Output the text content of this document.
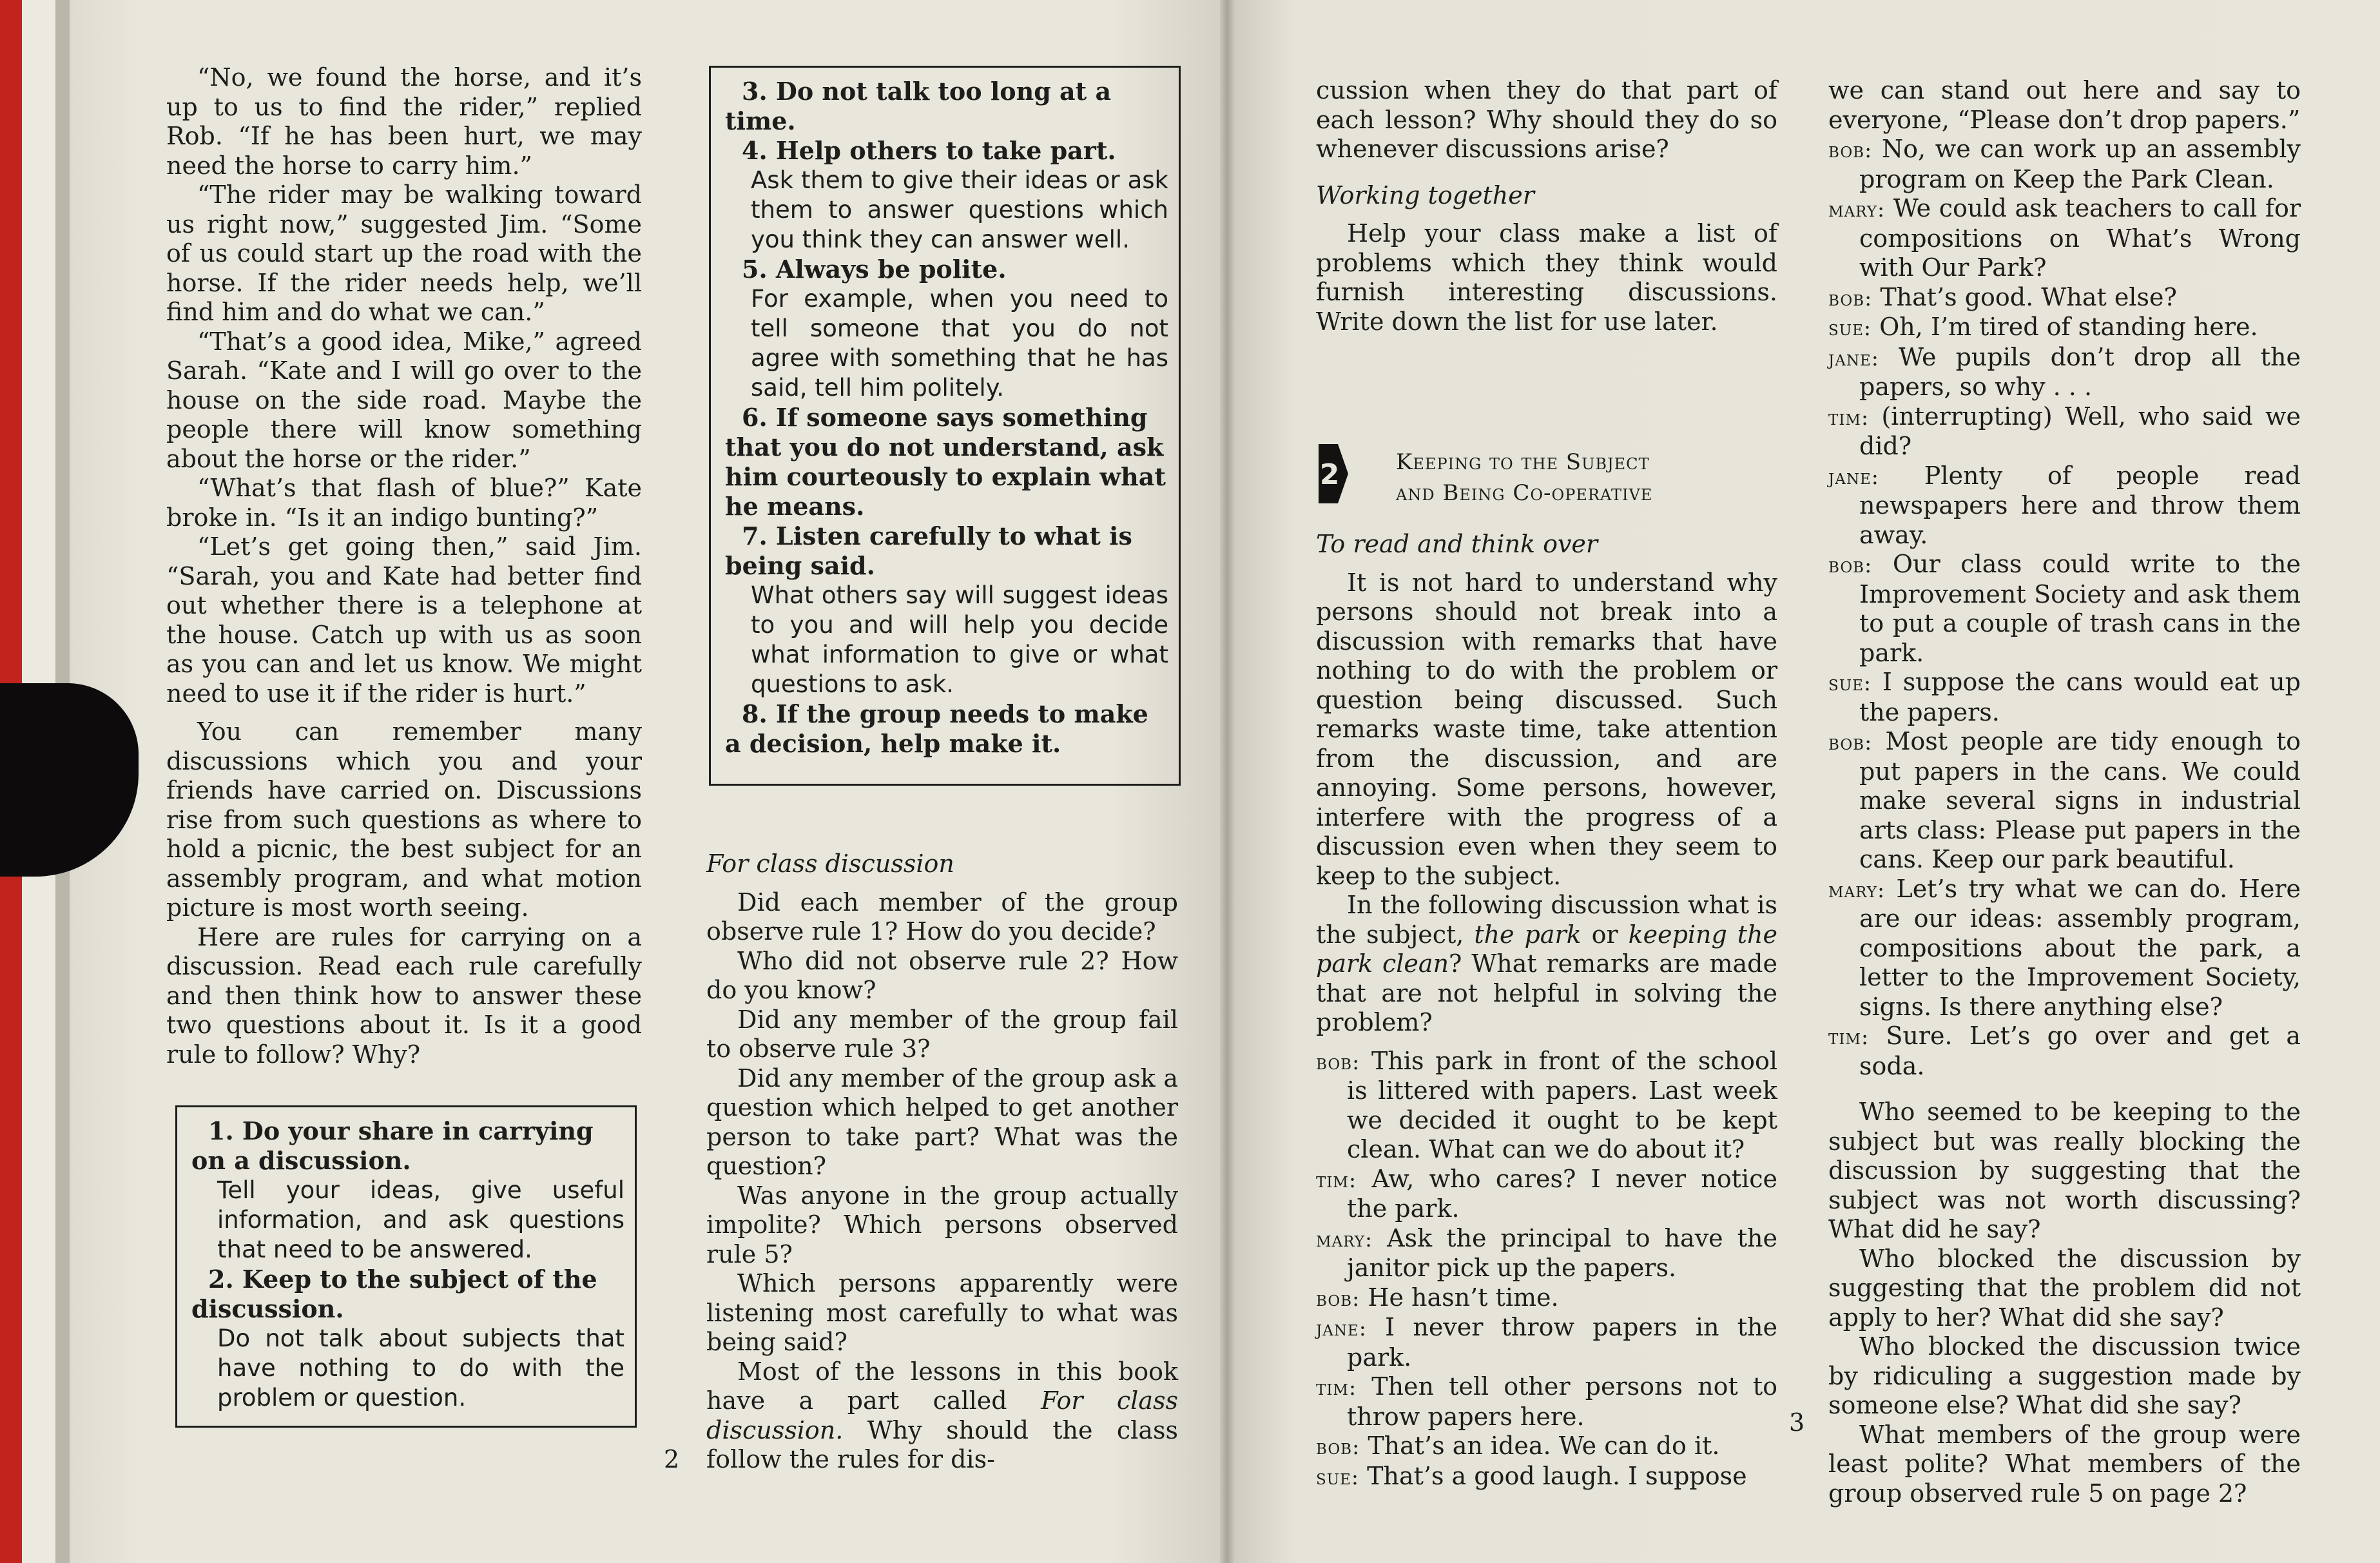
“No, we found the horse, and it’s up to us to find the rider,” replied Rob. “If he has been hurt, we may need the horse to carry him.”

“The rider may be walking toward us right now,” suggested Jim. “Some of us could start up the road with the horse. If the rider needs help, we’ll find him and do what we can.”

“That’s a good idea, Mike,” agreed Sarah. “Kate and I will go over to the house on the side road. Maybe the people there will know something about the horse or the rider.”

“What’s that flash of blue?” Kate broke in. “Is it an indigo bunting?”

“Let’s get going then,” said Jim. “Sarah, you and Kate had better find out whether there is a telephone at the house. Catch up with us as soon as you can and let us know. We might need to use it if the rider is hurt.”

You can remember many discussions which you and your friends have carried on. Discussions rise from such questions as where to hold a picnic, the best subject for an assembly program, and what motion picture is most worth seeing.

Here are rules for carrying on a discussion. Read each rule carefully and then think how to answer these two questions about it. Is it a good rule to follow? Why?

1. Do your share in carrying on a discussion.

Tell your ideas, give useful information, and ask questions that need to be answered.

2. Keep to the subject of the discussion.

Do not talk about subjects that have nothing to do with the problem or question.

3. Do not talk too long at a time.

4. Help others to take part.

Ask them to give their ideas or ask them to answer questions which you think they can answer well.

5. Always be polite.

For example, when you need to tell someone that you do not agree with something that he has said, tell him politely.

6. If someone says something that you do not understand, ask him courteously to explain what he means.

7. Listen carefully to what is being said.

What others say will suggest ideas to you and will help you decide what information to give or what questions to ask.

8. If the group needs to make a decision, help make it.

For class discussion

Did each member of the group observe rule 1? How do you decide?

Who did not observe rule 2? How do you know?

Did any member of the group fail to observe rule 3?

Did any member of the group ask a question which helped to get another person to take part? What was the question?

Was anyone in the group actually impolite? Which persons observed rule 5?

Which persons apparently were listening most carefully to what was being said?

Most of the lessons in this book have a part called For class discussion. Why should the class follow the rules for dis-

2

cussion when they do that part of each lesson? Why should they do so whenever discussions arise?

Working together

Help your class make a list of problems which they think would furnish interesting discussions. Write down the list for use later.

2	Keeping to the Subject
and Being Co-operative

To read and think over

It is not hard to understand why persons should not break into a discussion with remarks that have nothing to do with the problem or question being discussed. Such remarks waste time, take attention from the discussion, and are annoying. Some persons, however, interfere with the progress of a discussion even when they seem to keep to the subject.

In the following discussion what is the subject, the park or keeping the park clean? What remarks are made that are not helpful in solving the problem?

bob: This park in front of the school is littered with papers. Last week we decided it ought to be kept clean. What can we do about it?

tim: Aw, who cares? I never notice the park.

mary: Ask the principal to have the janitor pick up the papers.

bob: He hasn’t time.

jane: I never throw papers in the park.

tim: Then tell other persons not to throw papers here.

bob: That’s an idea. We can do it.

sue: That’s a good laugh. I suppose

3

we can stand out here and say to everyone, “Please don’t drop papers.”

bob: No, we can work up an assembly program on Keep the Park Clean.

mary: We could ask teachers to call for compositions on What’s Wrong with Our Park?

bob: That’s good. What else?

sue: Oh, I’m tired of standing here.

jane: We pupils don’t drop all the papers, so why . . .

tim: (interrupting) Well, who said we did?

jane: Plenty of people read newspapers here and throw them away.

bob: Our class could write to the Improvement Society and ask them to put a couple of trash cans in the park.

sue: I suppose the cans would eat up the papers.

bob: Most people are tidy enough to put papers in the cans. We could make several signs in industrial arts class: Please put papers in the cans. Keep our park beautiful.

mary: Let’s try what we can do. Here are our ideas: assembly program, compositions about the park, a letter to the Improvement Society, signs. Is there anything else?

tim: Sure. Let’s go over and get a soda.

Who seemed to be keeping to the subject but was really blocking the discussion by suggesting that the subject was not worth discussing? What did he say?

Who blocked the discussion by suggesting that the problem did not apply to her? What did she say?

Who blocked the discussion twice by ridiculing a suggestion made by someone else? What did she say?

What members of the group were least polite? What members of the group observed rule 5 on page 2?
